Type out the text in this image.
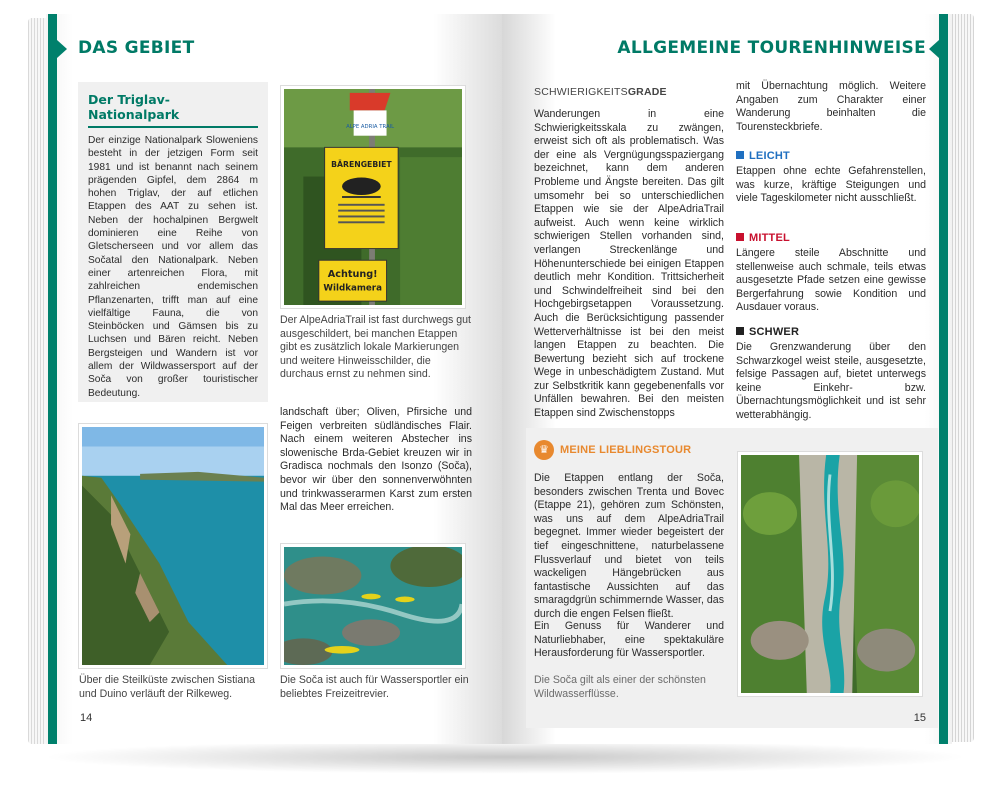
DAS GEBIET
Der Triglav-Nationalpark
Der einzige Nationalpark Sloweniens besteht in der jetzigen Form seit 1981 und ist benannt nach seinem prägenden Gipfel, dem 2864 m hohen Triglav, der auf etlichen Etappen des AAT zu sehen ist. Neben der hochalpinen Bergwelt dominieren eine Reihe von Gletscherseen und vor allem das Sočatal den Nationalpark. Neben einer artenreichen Flora, mit zahlreichen endemischen Pflanzenarten, trifft man auf eine vielfältige Fauna, die von Steinböcken und Gämsen bis zu Luchsen und Bären reicht. Neben Bergsteigen und Wandern ist vor allem der Wildwassersport auf der Soča von großer touristischer Bedeutung.
ALPE ADRIA TRAIL
BÄRENGEBIET
Achtung!
Wildkamera
Der AlpeAdriaTrail ist fast durchwegs gut ausgeschildert, bei manchen Etappen gibt es zusätzlich lokale Markierungen und weitere Hinweisschilder, die durchaus ernst zu nehmen sind.
landschaft über; Oliven, Pfirsiche und Feigen verbreiten südländisches Flair. Nach einem weiteren Abstecher ins slowenische Brda-Gebiet kreuzen wir in Gradisca nochmals den Isonzo (Soča), bevor wir über den sonnenverwöhnten und trinkwasserarmen Karst zum ersten Mal das Meer erreichen.
Über die Steilküste zwischen Sistiana und Duino verläuft der Rilkeweg.
Die Soča ist auch für Wassersportler ein beliebtes Freizeitrevier.
14
ALLGEMEINE TOURENHINWEISE
SCHWIERIGKEITSGRADE
Wanderungen in eine Schwierigkeitsskala zu zwängen, erweist sich oft als problematisch. Was der eine als Vergnügungsspaziergang bezeichnet, kann dem anderen Probleme und Ängste bereiten. Das gilt umsomehr bei so unterschiedlichen Etappen wie sie der AlpeAdriaTrail aufweist. Auch wenn keine wirklich schwierigen Stellen vorhanden sind, verlangen Streckenlänge und Höhenunterschiede bei einigen Etappen deutlich mehr Kondition. Trittsicherheit und Schwindelfreiheit sind bei den Hochgebirgsetappen Voraussetzung. Auch die Berücksichtigung passender Wetterverhältnisse ist bei den meist langen Etappen zu beachten. Die Bewertung bezieht sich auf trockene Wege in unbeschädigtem Zustand. Mut zur Selbstkritik kann gegebenenfalls vor Unfällen bewahren. Bei den meisten Etappen sind Zwischenstopps
mit Übernachtung möglich. Weitere Angaben zum Charakter einer Wanderung beinhalten die Tourensteckbriefe.
LEICHT
Etappen ohne echte Gefahrenstellen, was kurze, kräftige Steigungen und viele Tageskilometer nicht ausschließt.
MITTEL
Längere steile Abschnitte und stellenweise auch schmale, teils etwas ausgesetzte Pfade setzen eine gewisse Bergerfahrung sowie Kondition und Ausdauer voraus.
SCHWER
Die Grenzwanderung über den Schwarzkogel weist steile, ausgesetzte, felsige Passagen auf, bietet unterwegs keine Einkehr- bzw. Übernachtungsmöglichkeit und ist sehr wetterabhängig.
♛	MEINE LIEBLINGSTOUR
Die Etappen entlang der Soča, besonders zwischen Trenta und Bovec (Etappe 21), gehören zum Schönsten, was uns auf dem AlpeAdriaTrail begegnet. Immer wieder begeistert der tief eingeschnittene, naturbelassene Flussverlauf und bietet von teils wackeligen Hängebrücken aus fantastische Aussichten auf das smaragdgrün schimmernde Wasser, das durch die engen Felsen fließt.
Ein Genuss für Wanderer und Naturliebhaber, eine spektakuläre Herausforderung für Wassersportler.
Die Soča gilt als einer der schönsten Wildwasserflüsse.
15
